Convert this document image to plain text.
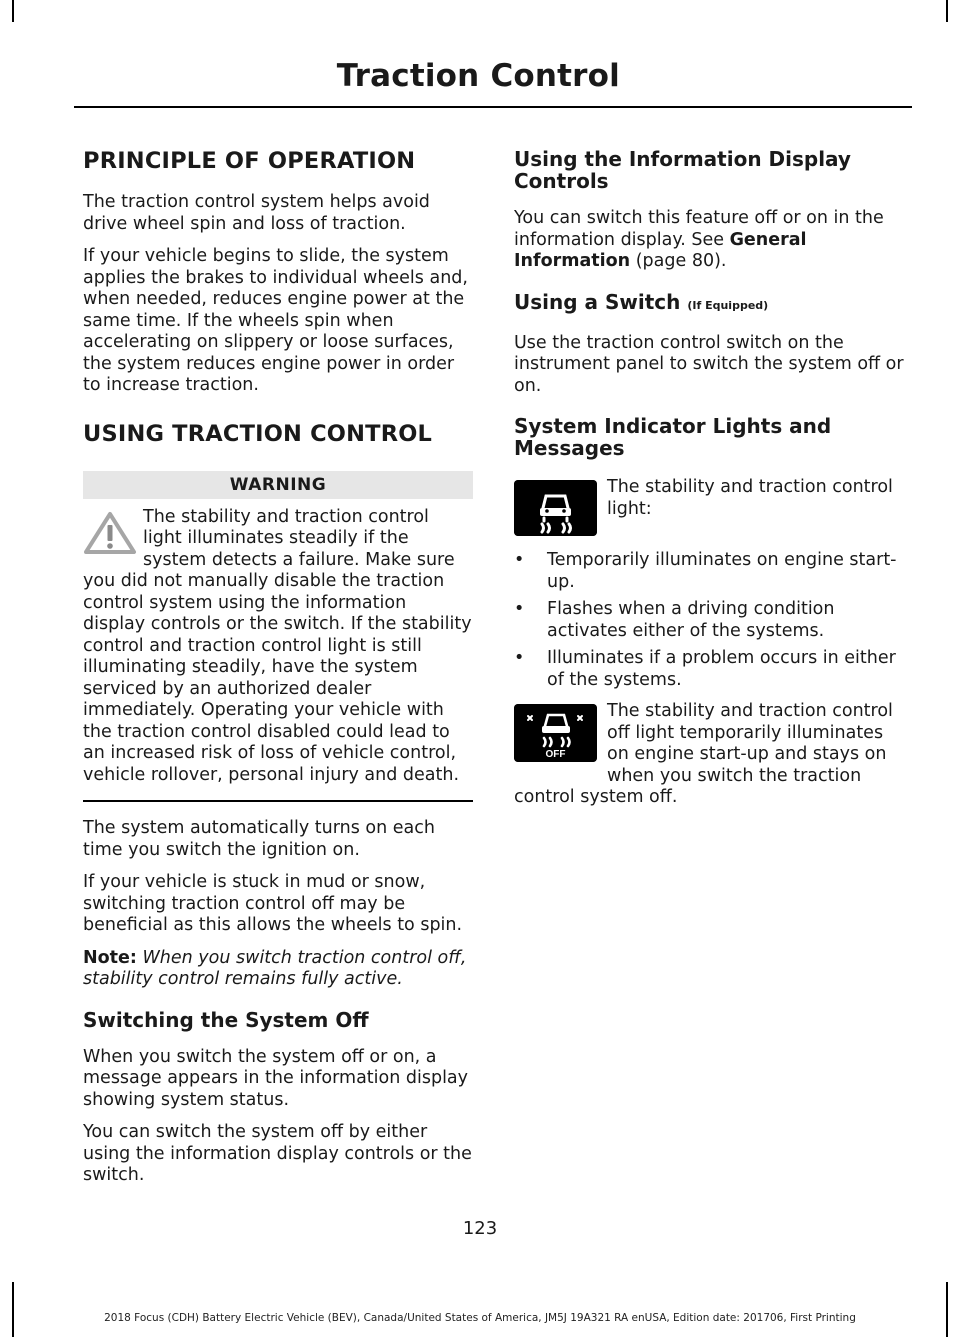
Traction Control
PRINCIPLE OF OPERATION

The traction control system helps avoid drive wheel spin and loss of traction.

If your vehicle begins to slide, the system applies the brakes to individual wheels and, when needed, reduces engine power at the same time. If the wheels spin when accelerating on slippery or loose surfaces, the system reduces engine power in order to increase traction.

USING TRACTION CONTROL
WARNING

The stability and traction control light illuminates steadily if the system detects a failure. Make sure you did not manually disable the traction control system using the information display controls or the switch. If the stability control and traction control light is still illuminating steadily, have the system serviced by an authorized dealer immediately. Operating your vehicle with the traction control disabled could lead to an increased risk of loss of vehicle control, vehicle rollover, personal injury and death.

The system automatically turns on each time you switch the ignition on.

If your vehicle is stuck in mud or snow, switching traction control off may be beneficial as this allows the wheels to spin.

Note: When you switch traction control off, stability control remains fully active.

Switching the System Off

When you switch the system off or on, a message appears in the information display showing system status.

You can switch the system off by either using the information display controls or the switch.

Using the Information Display Controls

You can switch this feature off or on in the information display. See General Information (page 80).

Using a Switch (If Equipped)

Use the traction control switch on the instrument panel to switch the system off or on.

System Indicator Lights and Messages

The stability and traction control light:

• Temporarily illuminates on engine start-up.
• Flashes when a driving condition activates either of the systems.
• Illuminates if a problem occurs in either of the systems.
OFF

The stability and traction control off light temporarily illuminates on engine start-up and stays on when you switch the traction control system off.

123
2018 Focus (CDH) Battery Electric Vehicle (BEV), Canada/United States of America, JM5J 19A321 RA enUSA, Edition date: 201706, First Printing
